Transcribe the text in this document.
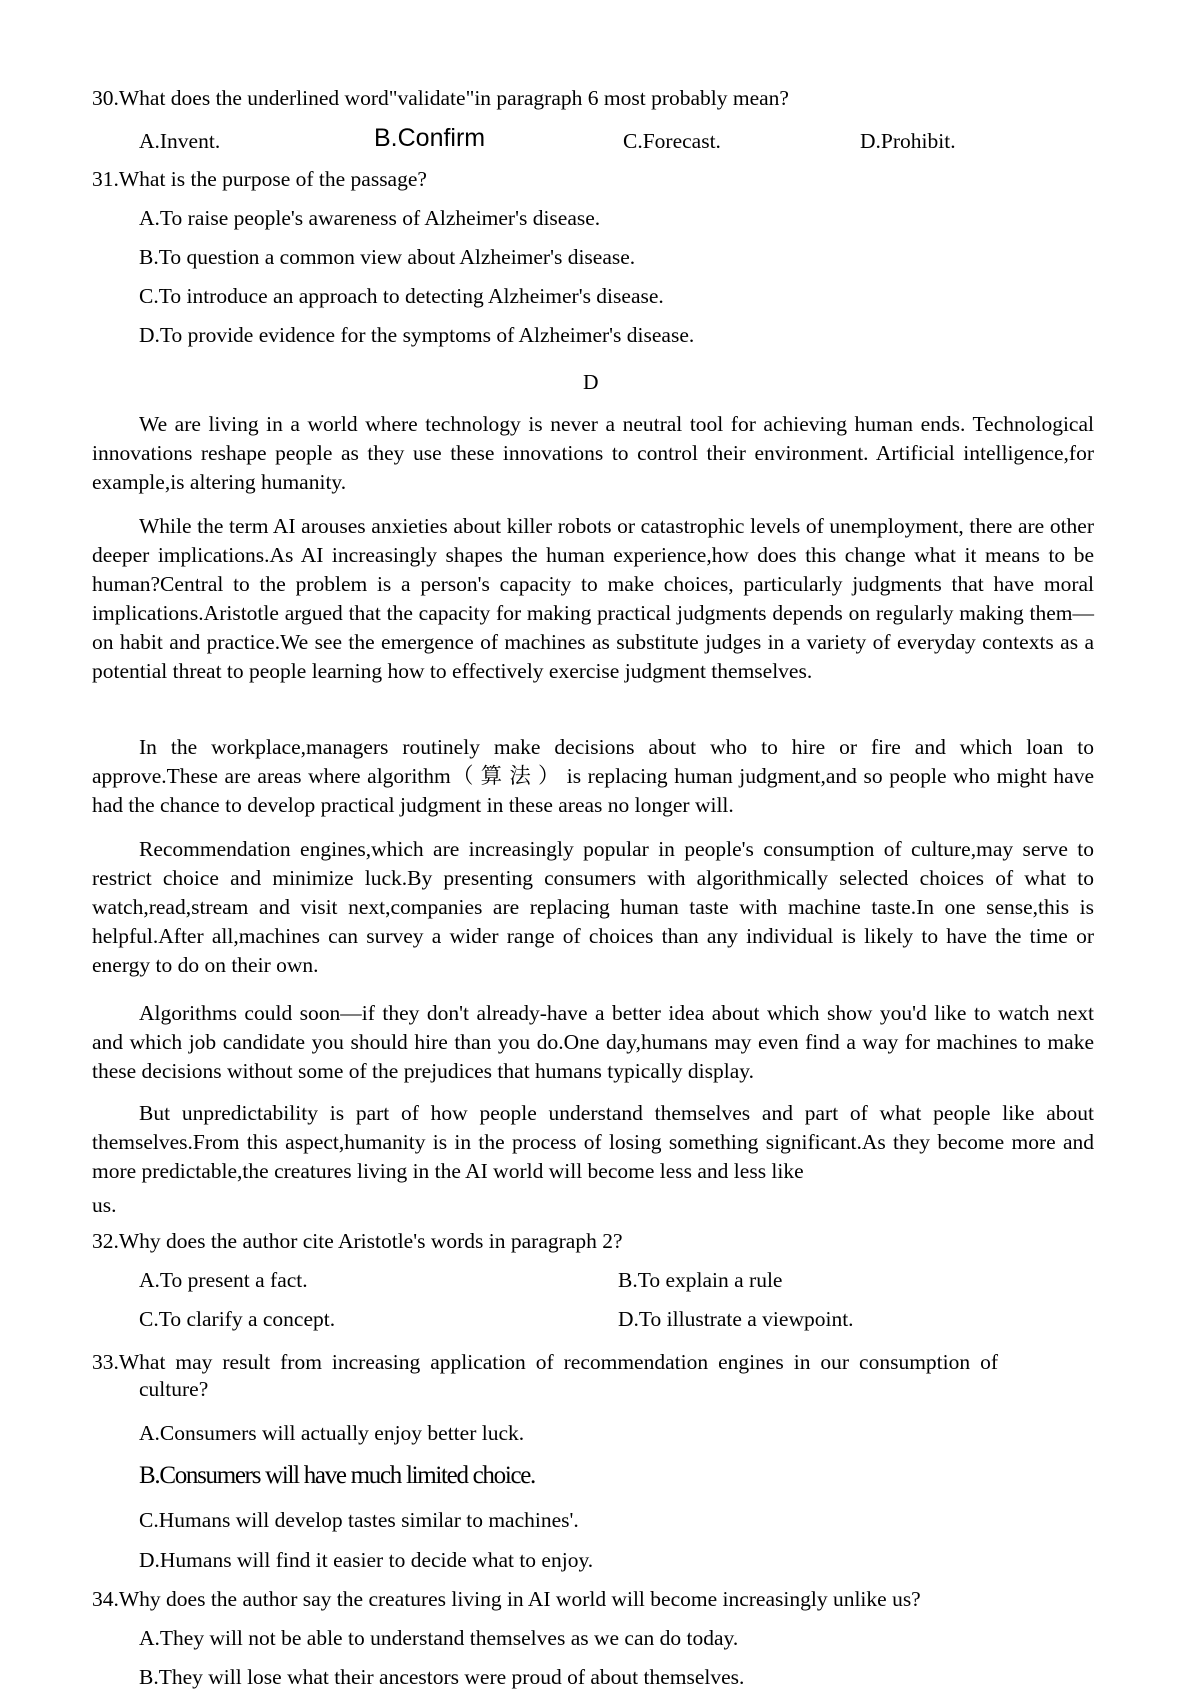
30.What does the underlined word"validate"in paragraph 6 most probably mean?
A.Invent.	B.Confirm	C.Forecast.	D.Prohibit.
31.What is the purpose of the passage?
A.To raise people's awareness of Alzheimer's disease.
B.To question a common view about Alzheimer's disease.
C.To introduce an approach to detecting Alzheimer's disease.
D.To provide evidence for the symptoms of Alzheimer's disease.
D

We are living in a world where technology is never a neutral tool for achieving human ends. Technological innovations reshape people as they use these innovations to control their environment. Artificial intelligence,for example,is altering humanity.

While the term AI arouses anxieties about killer robots or catastrophic levels of unemployment, there are other deeper implications.As AI increasingly shapes the human experience,how does this change what it means to be human?Central to the problem is a person's capacity to make choices, particularly judgments that have moral implications.Aristotle argued that the capacity for making practical judgments depends on regularly making them—on habit and practice.We see the emergence of machines as substitute judges in a variety of everyday contexts as a potential threat to people learning how to effectively exercise judgment themselves.

In the workplace,managers routinely make decisions about who to hire or fire and which loan to approve.These are areas where algorithm（算法）is replacing human judgment,and so people who might have had the chance to develop practical judgment in these areas no longer will.

Recommendation engines,which are increasingly popular in people's consumption of culture,may serve to restrict choice and minimize luck.By presenting consumers with algorithmically selected choices of what to watch,read,stream and visit next,companies are replacing human taste with machine taste.In one sense,this is helpful.After all,machines can survey a wider range of choices than any individual is likely to have the time or energy to do on their own.

Algorithms could soon—if they don't already-have a better idea about which show you'd like to watch next and which job candidate you should hire than you do.One day,humans may even find a way for machines to make these decisions without some of the prejudices that humans typically display.

But unpredictability is part of how people understand themselves and part of what people like about themselves.From this aspect,humanity is in the process of losing something significant.As they become more and more predictable,the creatures living in the AI world will become less and less like

us.
32.Why does the author cite Aristotle's words in paragraph 2?
A.To present a fact.	B.To explain a rule
C.To clarify a concept.	D.To illustrate a viewpoint.
33.What may result from increasing application of recommendation engines in our consumption of
culture?
A.Consumers will actually enjoy better luck.
B.Consumers will have much limited choice.
C.Humans will develop tastes similar to machines'.
D.Humans will find it easier to decide what to enjoy.
34.Why does the author say the creatures living in AI world will become increasingly unlike us?
A.They will not be able to understand themselves as we can do today.
B.They will lose what their ancestors were proud of about themselves.
